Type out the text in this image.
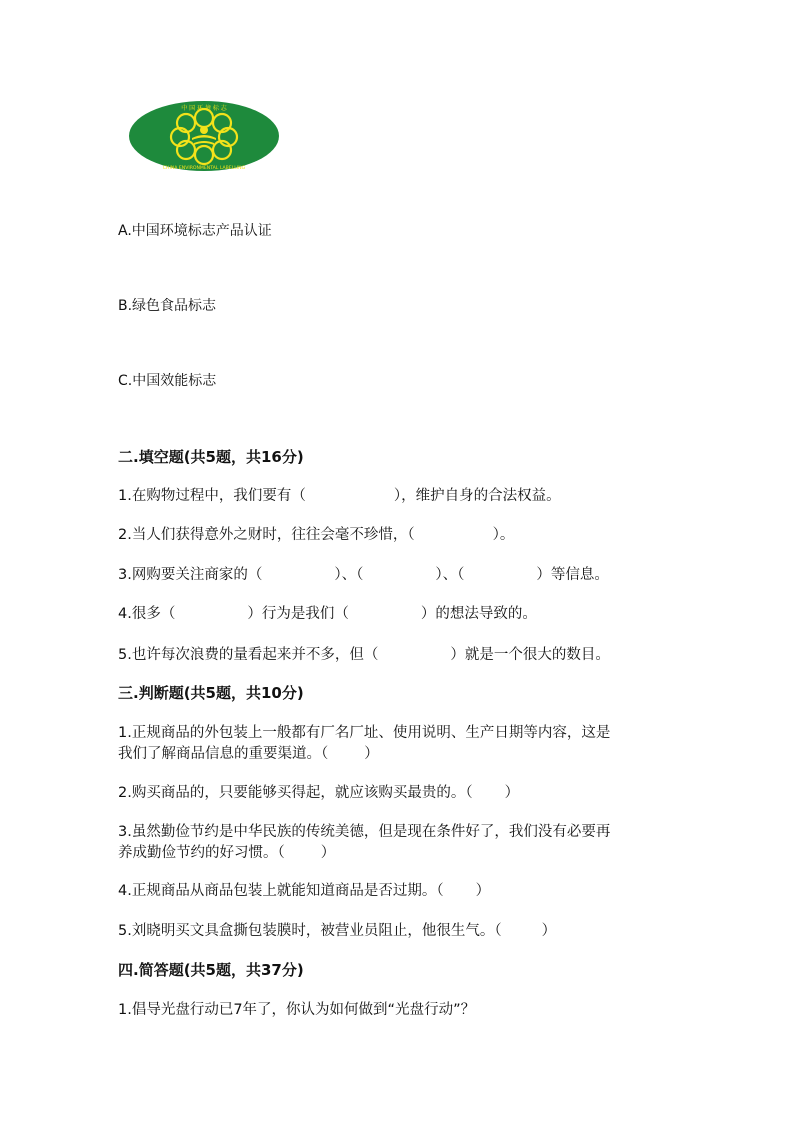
中 国 环 境 标 志
CHINA ENVIRONMENTAL LABELLING
A.中国环境标志产品认证
B.绿色食品标志
C.中国效能标志
二.填空题(共5题，共16分)
1.在购物过程中，我们要有（	），维护自身的合法权益。
2.当人们获得意外之财时，往往会毫不珍惜，（	）。
3.网购要关注商家的（	）、（	）、（	）等信息。
4.很多（	）行为是我们（	）的想法导致的。
5.也许每次浪费的量看起来并不多，但（	）就是一个很大的数目。
三.判断题(共5题，共10分)
1.正规商品的外包装上一般都有厂名厂址、使用说明、生产日期等内容，这是
我们了解商品信息的重要渠道。（ ）
2.购买商品的，只要能够买得起，就应该购买最贵的。（ ）
3.虽然勤俭节约是中华民族的传统美德，但是现在条件好了，我们没有必要再
养成勤俭节约的好习惯。（ ）
4.正规商品从商品包装上就能知道商品是否过期。（ ）
5.刘晓明买文具盒撕包装膜时，被营业员阻止，他很生气。（	）
四.简答题(共5题，共37分)
1.倡导光盘行动已7年了，你认为如何做到“光盘行动”？
